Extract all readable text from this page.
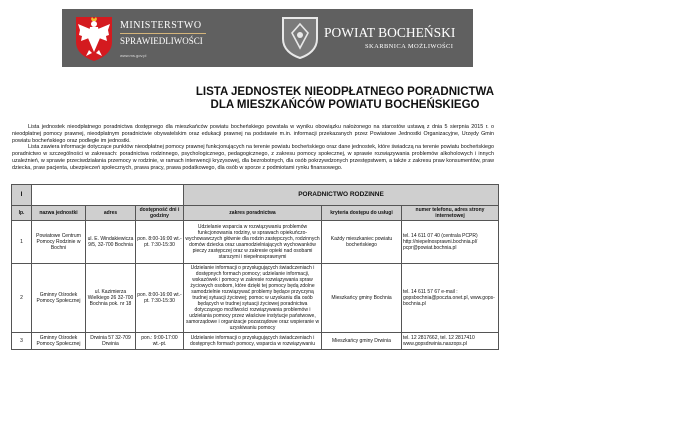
MINISTERSTWO
SPRAWIEDLIWOŚCI
www.ms.gov.pl
POWIAT BOCHEŃSKI
SKARBNICA MOŻLIWOŚCI
LISTA JEDNOSTEK NIEODPŁATNEGO PORADNICTWA
DLA MIESZKAŃCÓW POWIATU BOCHEŃSKIEGO
Lista jednostek nieodpłatnego poradnictwa dostępnego dla mieszkańców powiatu bocheńskiego powstała w wyniku obowiązku nałożonego na starostów ustawą z dnia 5 sierpnia 2015 r. o nieodpłatnej pomocy prawnej, nieodpłatnym poradnictwie obywatelskim oraz edukacji prawnej na podstawie m.in. informacji przekazanych przez Powiatowe Jednostki Organizacyjne, Urzędy Gmin powiatu bocheńskiego oraz podległe im jednostki.
Lista zawiera informacje dotyczące punktów nieodpłatnej pomocy prawnej funkcjonujących na terenie powiatu bocheńskiego oraz dane jednostek, które świadczą na terenie powiatu bocheńskiego poradnictwo w szczególności w zakresach: poradnictwa rodzinnego, psychologicznego, pedagogicznego, z zakresu pomocy społecznej, w sprawie rozwiązywania problemów alkoholowych i innych uzależnień, w sprawie przeciwdziałania przemocy w rodzinie, w ramach interwencji kryzysowej, dla bezrobotnych, dla osób pokrzywdzonych przestępstwem, a także z zakresu praw konsumentów, praw dziecka, praw pacjenta, ubezpieczeń społecznych, prawa pracy, prawa podatkowego, dla osób w sporze z podmiotami rynku finansowego.
I				PORADNICTWO RODZINNE		
lp.	nazwa jednostki	adres	dostępność dni i godziny	zakres poradnictwa	kryteria dostępu do usługi	numer telefonu, adres strony internetowej
1	Powiatowe Centrum Pomocy Rodzinie w Bochni	ul. E. Windakiewicza 9/5, 32-700 Bochnia	pon. 8:00-16:00 wt.-pt. 7:30-15:30	Udzielanie wsparcia w rozwiązywaniu problemów funkcjonowania rodziny, w sprawach opiekuńczo-wychowawczych głównie dla rodzin zastępczych, rodzinnych domów dziecka oraz usamodzielniających wychowanków pieczy zastępczej oraz w zakresie opieki nad osobami starszymi i niepełnosprawnymi	Każdy mieszkaniec powiatu bocheńskiego	tel. 14 611 07 40 (centrala PCPR) http://niepelnosprawni.bochnia.pl/ pcpr@powiat.bochnia.pl
2	Gminny Ośrodek Pomocy Społecznej	ul. Kazimierza Wielkiego 26 32-700 Bochnia pok. nr 18	pon. 8:00-16:00 wt.-pt. 7:30-15:30	Udzielanie informacji o przysługujących świadczeniach i dostępnych formach pomocy; udzielanie informacji, wskazówek i pomocy w zakresie rozwiązywania spraw życiowych osobom, które dzięki tej pomocy będą zdolne samodzielnie rozwiązywać problemy będące przyczyną trudnej sytuacji życiowej; pomoc w uzyskaniu dla osób będących w trudnej sytuacji życiowej poradnictwa dotyczącego możliwości rozwiązywania problemów i udzielania pomocy przez właściwe instytucje państwowe, samorządowe i organizacje pozarządowe oraz wspieranie w uzyskiwaniu pomocy	Mieszkańcy gminy Bochnia	tel. 14 611 57 67 e-mail : gopsbochnia@poczta.onet.pl, www.gops-bochnia.pl
3	Gminny Ośrodek Pomocy Społecznej	Drwinia 57 32-709 Drwinia	pon.: 9:00-17:00 wt.-pt.	Udzielanie informacji o przysługujących świadczeniach i dostępnych formach pomocy, wsparcia w rozwiązywaniu	Mieszkańcy gminy Drwinia	tel. 12 2817662, tel. 12 2817410 www.gopsdrwinia.naszops.pl
